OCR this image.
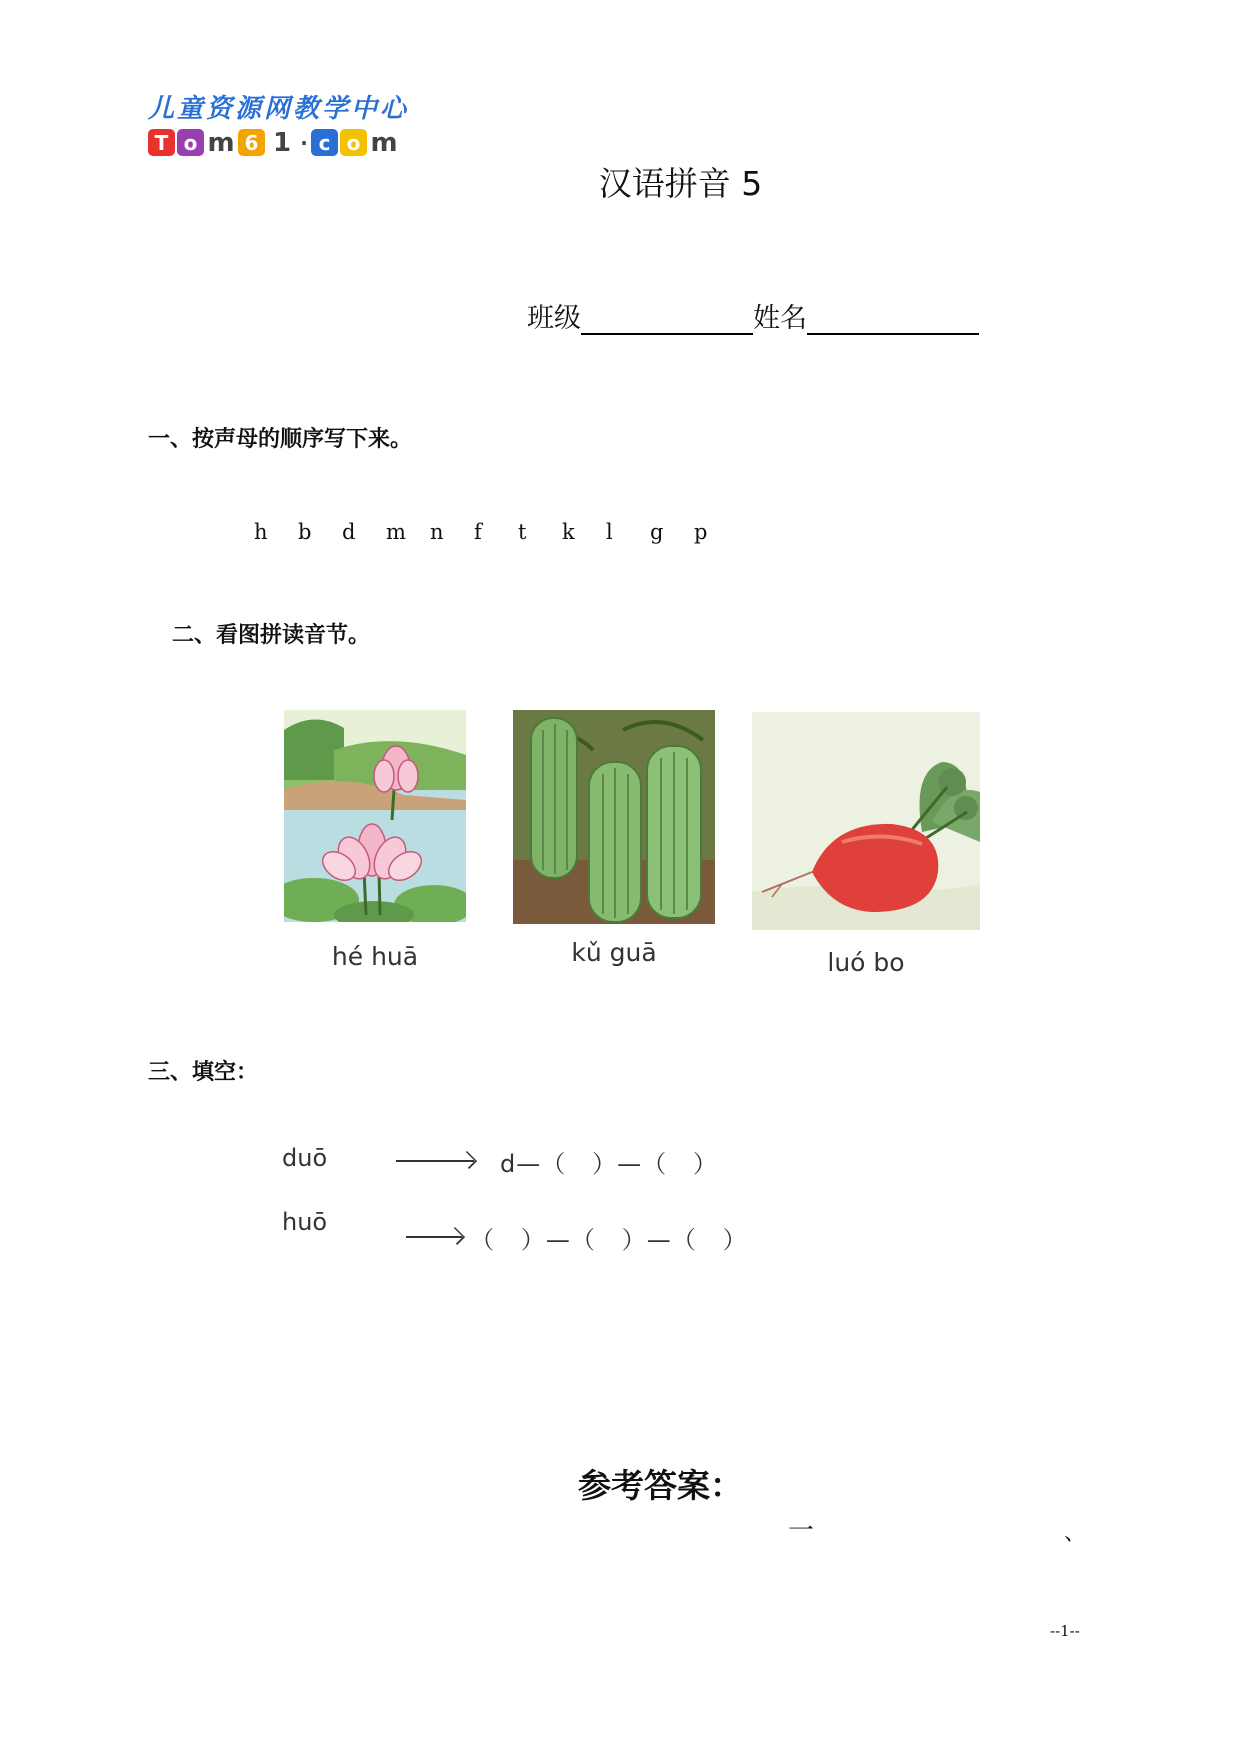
儿童资源网教学中心
T o m 6 1 · c o m
汉语拼音 5
班级	姓名
一、按声母的顺序写下来。
h	b	d	m	n	f	t	k	l	g	p
二、看图拼读音节。
hé huā	kǔ guā	luó bo
三、填空：
duō	d—（   ）—（   ）
huō
（   ）—（   ）—（   ）
参考答案：
一	、
--1--
